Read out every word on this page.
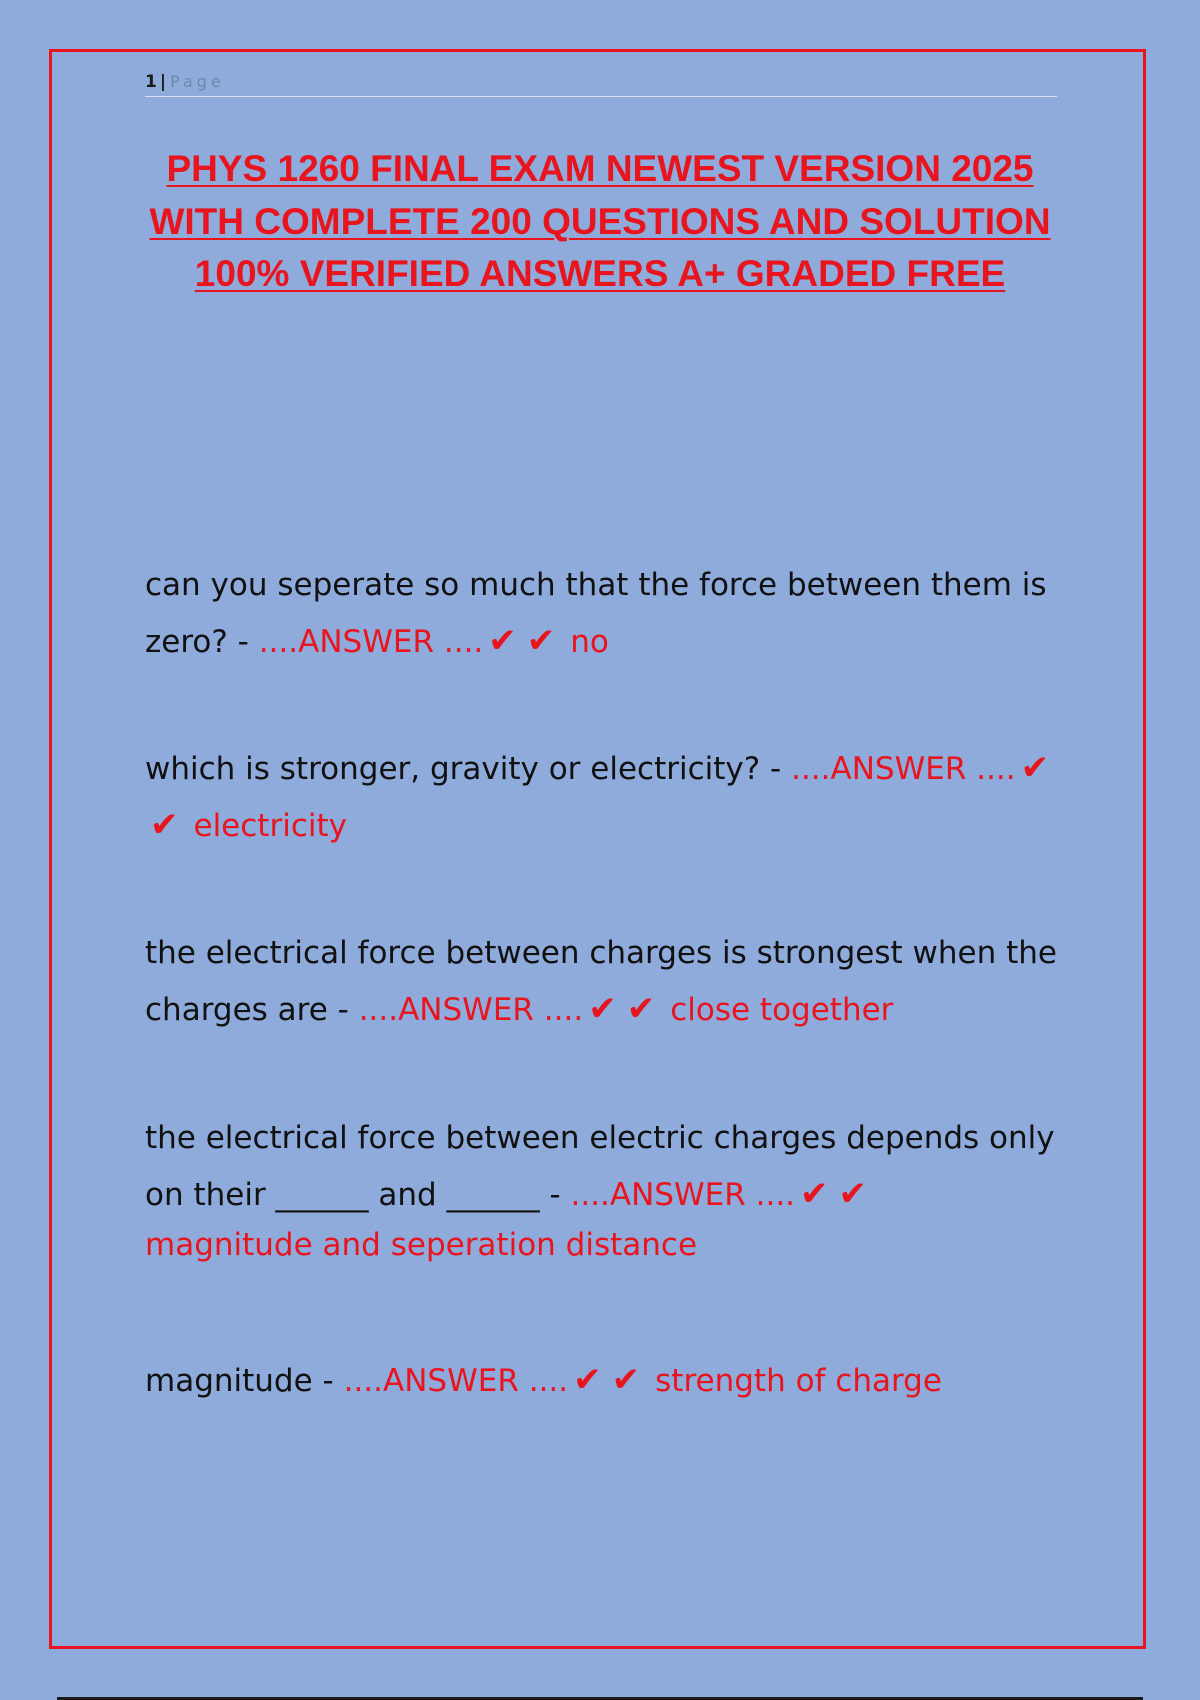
1 | Page
PHYS 1260 FINAL EXAM NEWEST VERSION 2025 WITH COMPLETE 200 QUESTIONS AND SOLUTION 100% VERIFIED ANSWERS A+ GRADED FREE
can you seperate so much that the force between them is zero? - ....ANSWER .... ✔ ✔ no
which is stronger, gravity or electricity? - ....ANSWER .... ✔✔ electricity
the electrical force between charges is strongest when the charges are - ....ANSWER .... ✔ ✔ close together
the electrical force between electric charges depends only on their ______ and ______ - ....ANSWER .... ✔ ✔
magnitude and seperation distance
magnitude - ....ANSWER .... ✔ ✔ strength of charge
